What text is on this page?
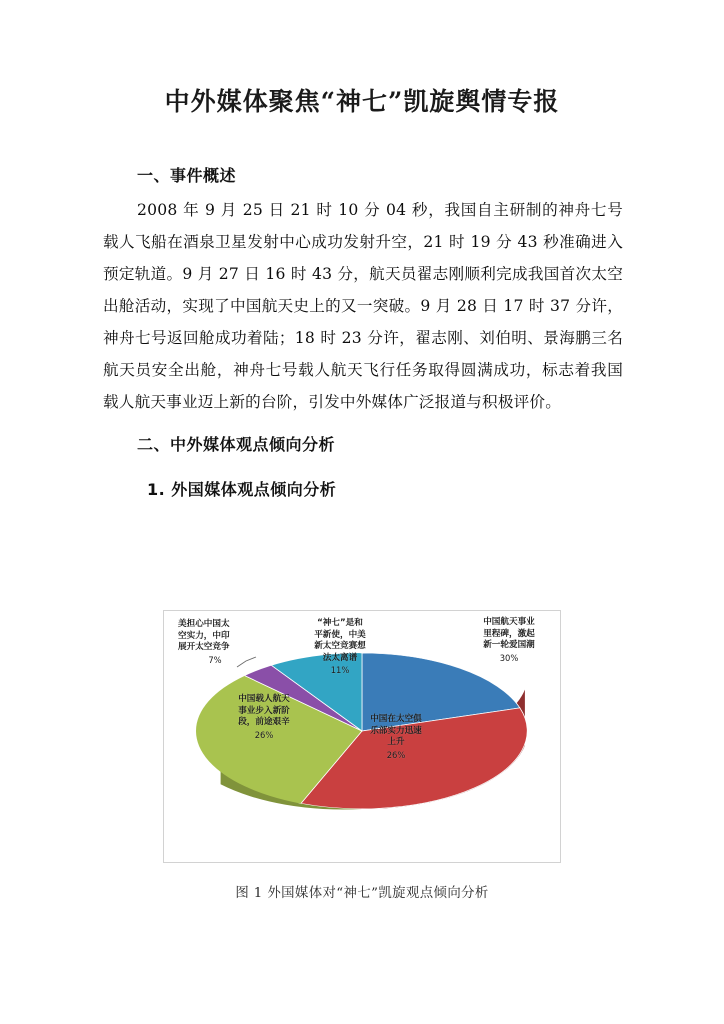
中外媒体聚焦“神七”凯旋舆情专报
一、事件概述

2008 年 9 月 25 日 21 时 10 分 04 秒，我国自主研制的神舟七号载人飞船在酒泉卫星发射中心成功发射升空，21 时 19 分 43 秒准确进入预定轨道。9 月 27 日 16 时 43 分，航天员翟志刚顺利完成我国首次太空出舱活动，实现了中国航天史上的又一突破。9 月 28 日 17 时 37 分许，神舟七号返回舱成功着陆；18 时 23 分许，翟志刚、刘伯明、景海鹏三名航天员安全出舱，神舟七号载人航天飞行任务取得圆满成功，标志着我国载人航天事业迈上新的台阶，引发中外媒体广泛报道与积极评价。

二、中外媒体观点倾向分析
1. 外国媒体观点倾向分析
中国航天事业
里程碑，激起
新一轮爱国潮
30%
美担心中国太
空实力，中印
展开太空竞争
7%
“神七”是和
平新使，中美
新太空竞赛想
法太离谱
11%
中国载人航天
事业步入新阶
段，前途艰辛
26%
中国在太空俱
乐部实力迅速
上升
26%
图 1 外国媒体对“神七”凯旋观点倾向分析
